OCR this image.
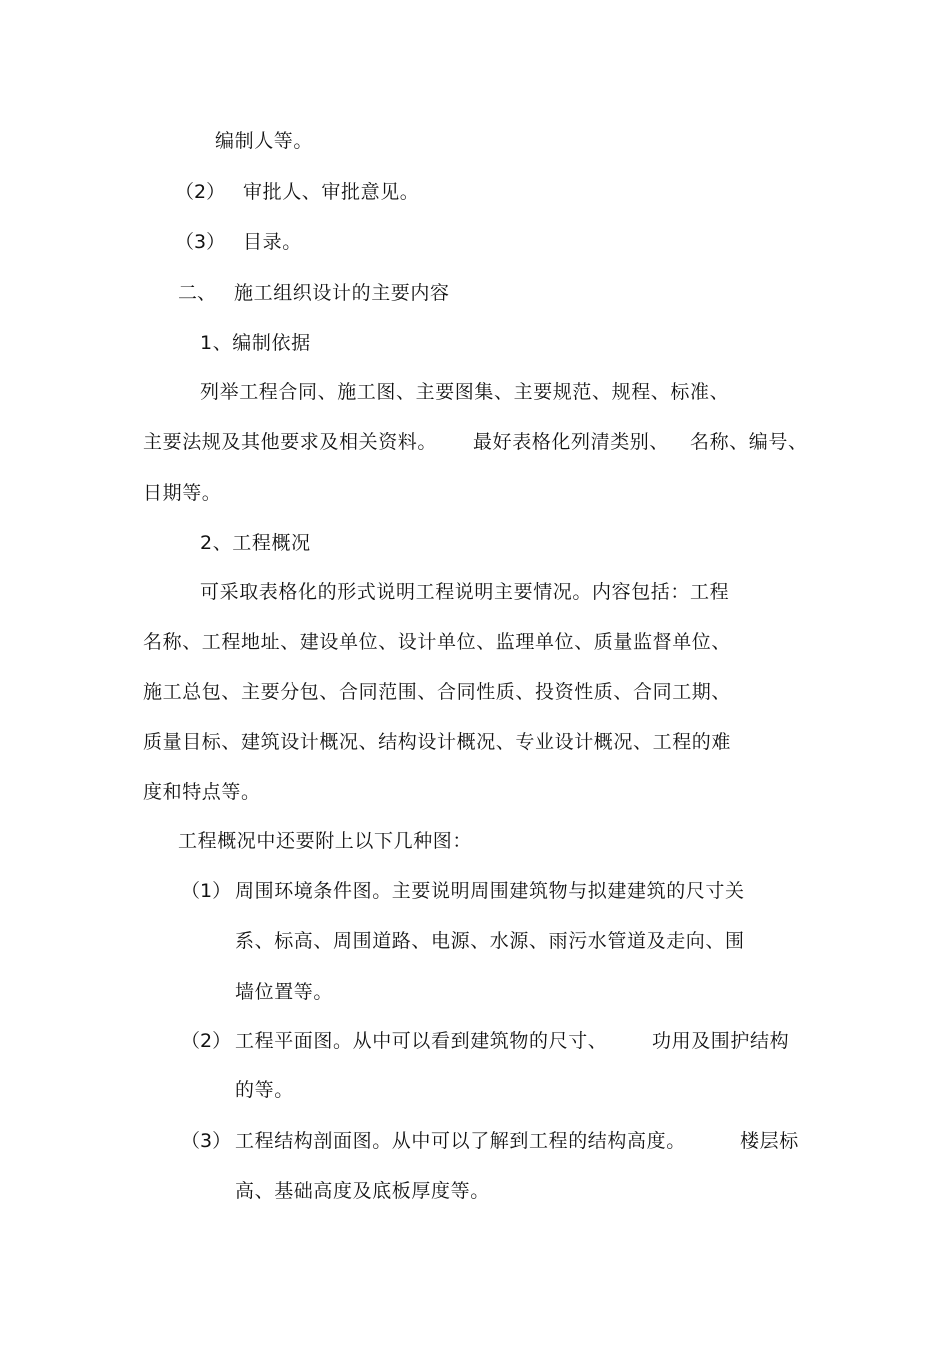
编制人等。
（2） 审批人、审批意见。
（3） 目录。
二、 施工组织设计的主要内容
1、编制依据
列举工程合同、施工图、主要图集、主要规范、规程、标准、
主要法规及其他要求及相关资料。 最好表格化列清类别、 名称、编号、
日期等。
2、工程概况
可采取表格化的形式说明工程说明主要情况。内容包括：工程
名称、工程地址、建设单位、设计单位、监理单位、质量监督单位、
施工总包、主要分包、合同范围、合同性质、投资性质、合同工期、
质量目标、建筑设计概况、结构设计概况、专业设计概况、工程的难
度和特点等。
工程概况中还要附上以下几种图：
（1） 周围环境条件图。主要说明周围建筑物与拟建建筑的尺寸关
系、标高、周围道路、电源、水源、雨污水管道及走向、围
墙位置等。
（2） 工程平面图。从中可以看到建筑物的尺寸、 功用及围护结构
的等。
（3） 工程结构剖面图。从中可以了解到工程的结构高度。	楼层标
高、基础高度及底板厚度等。
